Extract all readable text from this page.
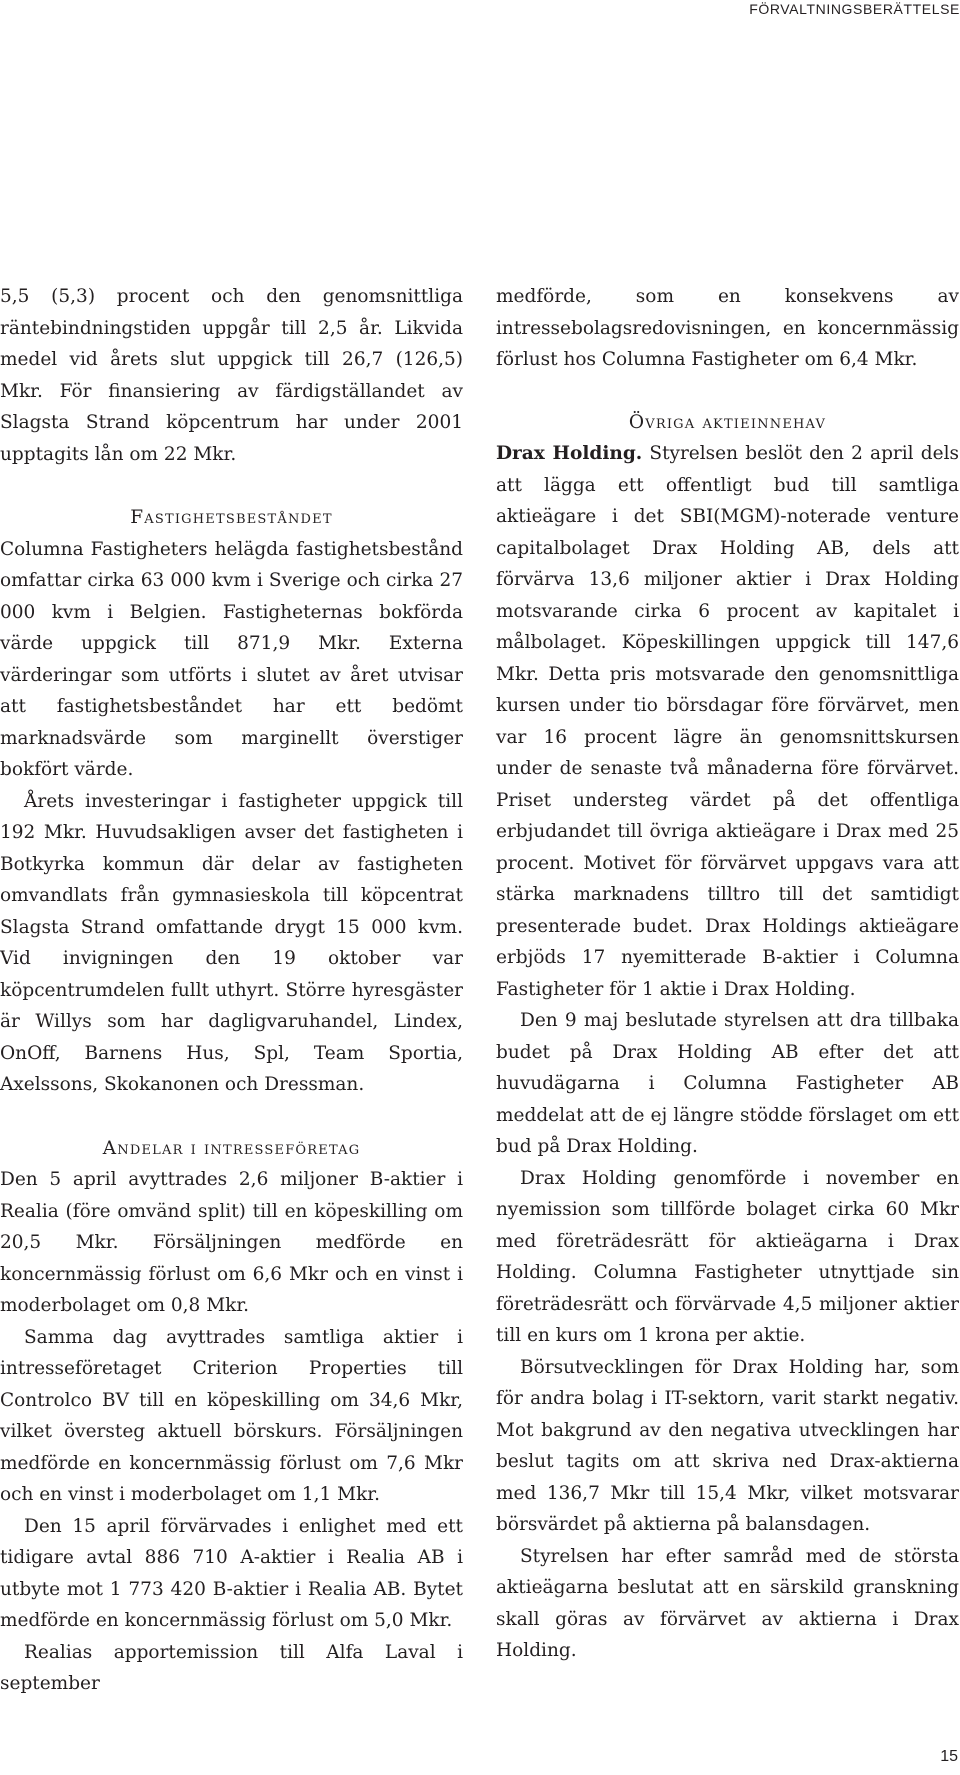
FÖRVALTNINGSBERÄTTELSE

5,5 (5,3) procent och den genomsnittliga räntebindningstiden uppgår till 2,5 år. Likvida medel vid årets slut uppgick till 26,7 (126,5) Mkr. För finansiering av färdigställandet av Slagsta Strand köpcentrum har under 2001 upptagits lån om 22 Mkr.

Fastighetsbeståndet

Columna Fastigheters helägda fastighetsbestånd omfattar cirka 63 000 kvm i Sverige och cirka 27 000 kvm i Belgien. Fastigheternas bokförda värde uppgick till 871,9 Mkr. Externa värderingar som utförts i slutet av året utvisar att fastighetsbeståndet har ett bedömt marknadsvärde som marginellt överstiger bokfört värde.

Årets investeringar i fastigheter uppgick till 192 Mkr. Huvudsakligen avser det fastigheten i Botkyrka kommun där delar av fastigheten omvandlats från gymnasieskola till köpcentrat Slagsta Strand omfattande drygt 15 000 kvm. Vid invigningen den 19 oktober var köpcentrumdelen fullt uthyrt. Större hyresgäster är Willys som har dagligvaruhandel, Lindex, OnOff, Barnens Hus, Spl, Team Sportia, Axelssons, Skokanonen och Dressman.

Andelar i intresseföretag

Den 5 april avyttrades 2,6 miljoner B-aktier i Realia (före omvänd split) till en köpeskilling om 20,5 Mkr. Försäljningen medförde en koncernmässig förlust om 6,6 Mkr och en vinst i moderbolaget om 0,8 Mkr.

Samma dag avyttrades samtliga aktier i intresseföretaget Criterion Properties till Controlco BV till en köpeskilling om 34,6 Mkr, vilket översteg aktuell börskurs. Försäljningen medförde en koncernmässig förlust om 7,6 Mkr och en vinst i moderbolaget om 1,1 Mkr.

Den 15 april förvärvades i enlighet med ett tidigare avtal 886 710 A-aktier i Realia AB i utbyte mot 1 773 420 B-aktier i Realia AB. Bytet medförde en koncernmässig förlust om 5,0 Mkr.

Realias apportemission till Alfa Laval i september

medförde, som en konsekvens av intressebolagsredovisningen, en koncernmässig förlust hos Columna Fastigheter om 6,4 Mkr.

Övriga aktieinnehav

Drax Holding. Styrelsen beslöt den 2 april dels att lägga ett offentligt bud till samtliga aktieägare i det SBI(MGM)-noterade venture capitalbolaget Drax Holding AB, dels att förvärva 13,6 miljoner aktier i Drax Holding motsvarande cirka 6 procent av kapitalet i målbolaget. Köpeskillingen uppgick till 147,6 Mkr. Detta pris motsvarade den genomsnittliga kursen under tio börsdagar före förvärvet, men var 16 procent lägre än genomsnittskursen under de senaste två månaderna före förvärvet. Priset understeg värdet på det offentliga erbjudandet till övriga aktieägare i Drax med 25 procent. Motivet för förvärvet uppgavs vara att stärka marknadens tilltro till det samtidigt presenterade budet. Drax Holdings aktieägare erbjöds 17 nyemitterade B-aktier i Columna Fastigheter för 1 aktie i Drax Holding.

Den 9 maj beslutade styrelsen att dra tillbaka budet på Drax Holding AB efter det att huvudägarna i Columna Fastigheter AB meddelat att de ej längre stödde förslaget om ett bud på Drax Holding.

Drax Holding genomförde i november en nyemission som tillförde bolaget cirka 60 Mkr med företrädesrätt för aktieägarna i Drax Holding. Columna Fastigheter utnyttjade sin företrädesrätt och förvärvade 4,5 miljoner aktier till en kurs om 1 krona per aktie.

Börsutvecklingen för Drax Holding har, som för andra bolag i IT-sektorn, varit starkt negativ. Mot bakgrund av den negativa utvecklingen har beslut tagits om att skriva ned Drax-aktierna med 136,7 Mkr till 15,4 Mkr, vilket motsvarar börsvärdet på aktierna på balansdagen.

Styrelsen har efter samråd med de största aktieägarna beslutat att en särskild granskning skall göras av förvärvet av aktierna i Drax Holding.

15
